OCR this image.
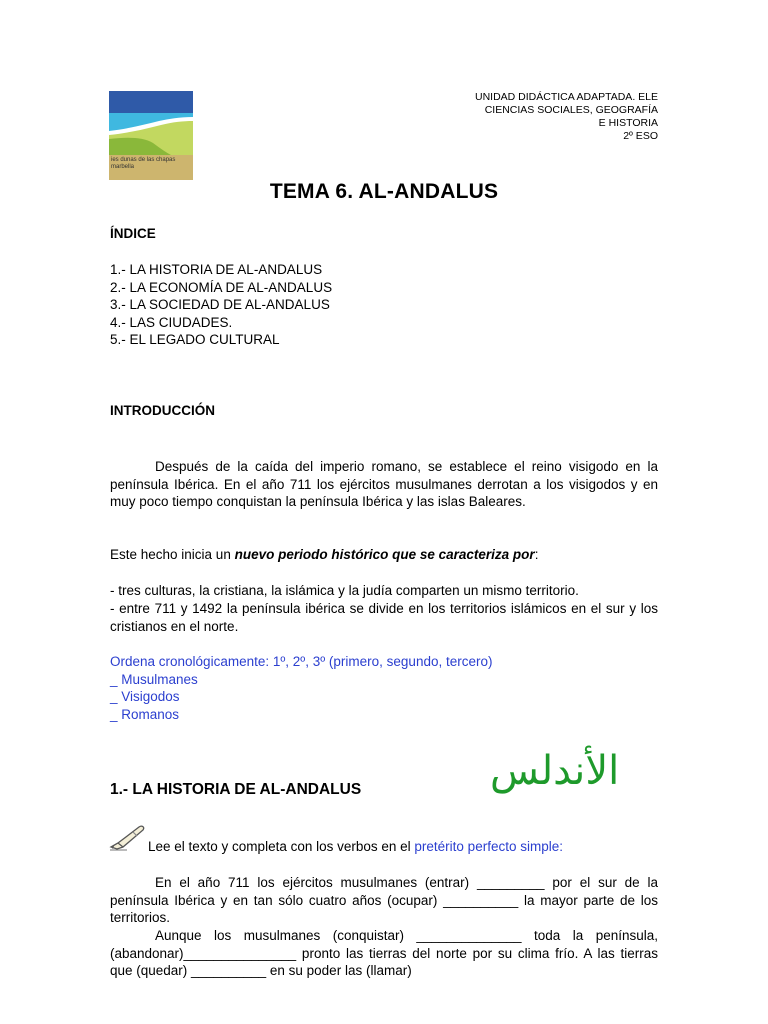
ies dunas de las chapas
marbella
UNIDAD DIDÁCTICA ADAPTADA. ELE
CIENCIAS SOCIALES, GEOGRAFÍA
E HISTORIA
2º ESO
TEMA 6. AL-ANDALUS
ÍNDICE
1.- LA HISTORIA DE AL-ANDALUS
2.- LA ECONOMÍA DE AL-ANDALUS
3.- LA SOCIEDAD DE AL-ANDALUS
4.- LAS CIUDADES.
5.- EL LEGADO CULTURAL
INTRODUCCIÓN
Después de la caída del imperio romano, se establece el reino visigodo en la península Ibérica. En el año 711 los ejércitos musulmanes derrotan a los visigodos y en muy poco tiempo conquistan la península Ibérica y las islas Baleares.
Este hecho inicia un nuevo periodo histórico que se caracteriza por:
- tres culturas, la cristiana, la islámica y la judía comparten un mismo territorio.
- entre 711 y 1492 la península ibérica se divide en los territorios islámicos en el sur y los cristianos en el norte.
Ordena cronológicamente: 1º, 2º, 3º (primero, segundo, tercero)
_ Musulmanes
_ Visigodos
_ Romanos
الأندلس
1.- LA HISTORIA DE AL-ANDALUS
Lee el texto y completa con los verbos en el pretérito perfecto simple:
En el año 711 los ejércitos musulmanes (entrar) _________ por el sur de la península Ibérica y en tan sólo cuatro años (ocupar) __________ la mayor parte de los territorios.
Aunque los musulmanes (conquistar) ______________ toda la península, (abandonar)_______________ pronto las tierras del norte por su clima frío. A las tierras que (quedar) __________ en su poder las (llamar)
